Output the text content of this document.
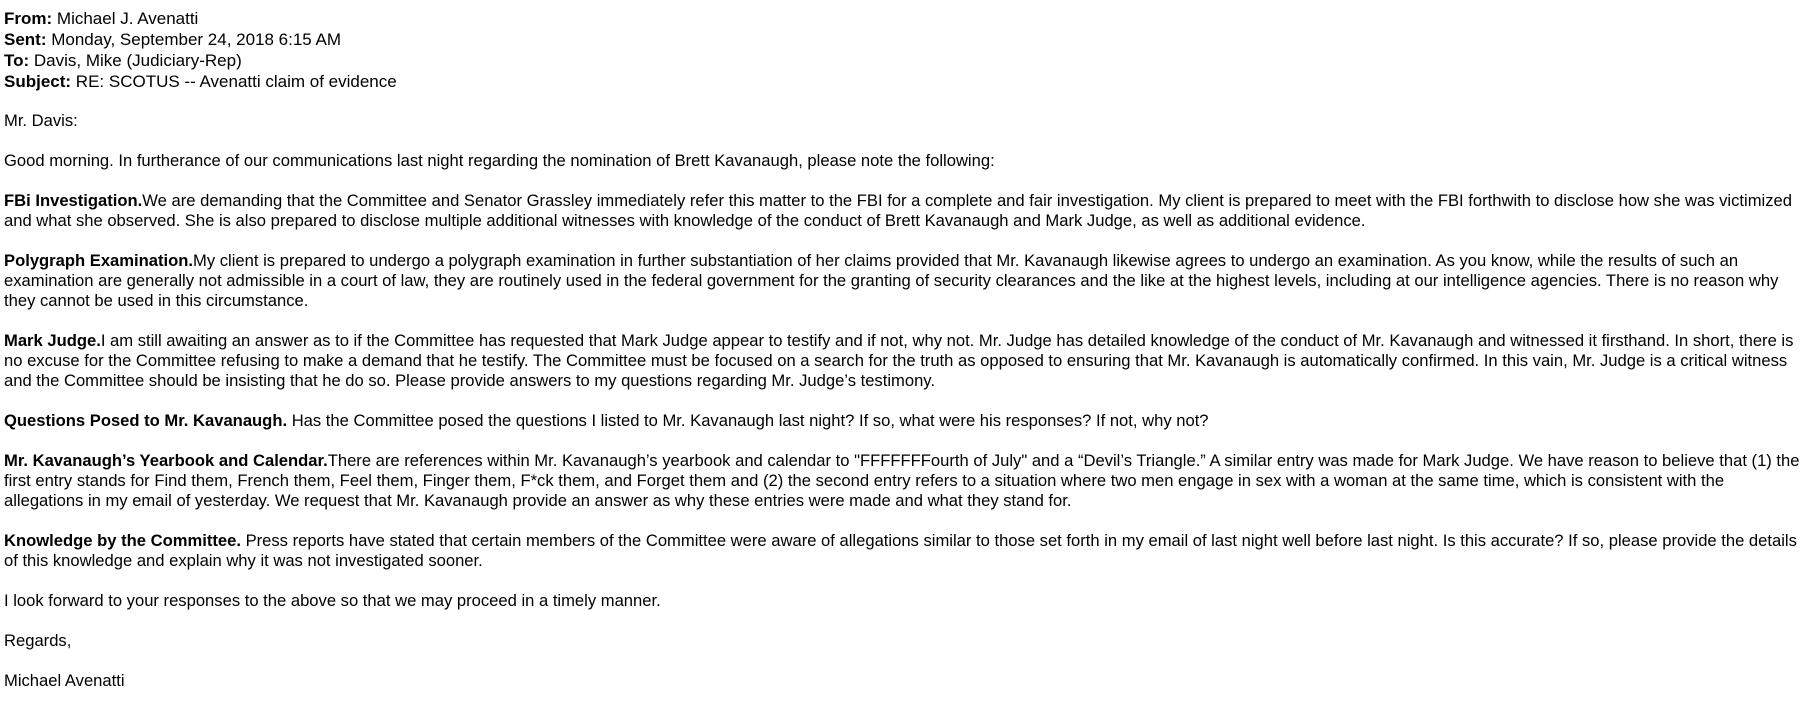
From: Michael J. Avenatti
Sent: Monday, September 24, 2018 6:15 AM
To: Davis, Mike (Judiciary-Rep)
Subject: RE: SCOTUS -- Avenatti claim of evidence

Mr. Davis:

Good morning. In furtherance of our communications last night regarding the nomination of Brett Kavanaugh, please note the following:

FBi Investigation.We are demanding that the Committee and Senator Grassley immediately refer this matter to the FBI for a complete and fair investigation. My client is prepared to meet with the FBI forthwith to disclose how she was victimized and what she observed. She is also prepared to disclose multiple additional witnesses with knowledge of the conduct of Brett Kavanaugh and Mark Judge, as well as additional evidence.

Polygraph Examination.My client is prepared to undergo a polygraph examination in further substantiation of her claims provided that Mr. Kavanaugh likewise agrees to undergo an examination. As you know, while the results of such an examination are generally not admissible in a court of law, they are routinely used in the federal government for the granting of security clearances and the like at the highest levels, including at our intelligence agencies. There is no reason why they cannot be used in this circumstance.

Mark Judge.I am still awaiting an answer as to if the Committee has requested that Mark Judge appear to testify and if not, why not. Mr. Judge has detailed knowledge of the conduct of Mr. Kavanaugh and witnessed it firsthand. In short, there is no excuse for the Committee refusing to make a demand that he testify. The Committee must be focused on a search for the truth as opposed to ensuring that Mr. Kavanaugh is automatically confirmed. In this vain, Mr. Judge is a critical witness and the Committee should be insisting that he do so. Please provide answers to my questions regarding Mr. Judge’s testimony.

Questions Posed to Mr. Kavanaugh. Has the Committee posed the questions I listed to Mr. Kavanaugh last night? If so, what were his responses? If not, why not?

Mr. Kavanaugh’s Yearbook and Calendar.There are references within Mr. Kavanaugh’s yearbook and calendar to "FFFFFFFourth of July" and a “Devil’s Triangle.” A similar entry was made for Mark Judge. We have reason to believe that (1) the first entry stands for Find them, French them, Feel them, Finger them, F*ck them, and Forget them and (2) the second entry refers to a situation where two men engage in sex with a woman at the same time, which is consistent with the allegations in my email of yesterday. We request that Mr. Kavanaugh provide an answer as why these entries were made and what they stand for.

Knowledge by the Committee. Press reports have stated that certain members of the Committee were aware of allegations similar to those set forth in my email of last night well before last night. Is this accurate? If so, please provide the details of this knowledge and explain why it was not investigated sooner.

I look forward to your responses to the above so that we may proceed in a timely manner.

Regards,

Michael Avenatti
